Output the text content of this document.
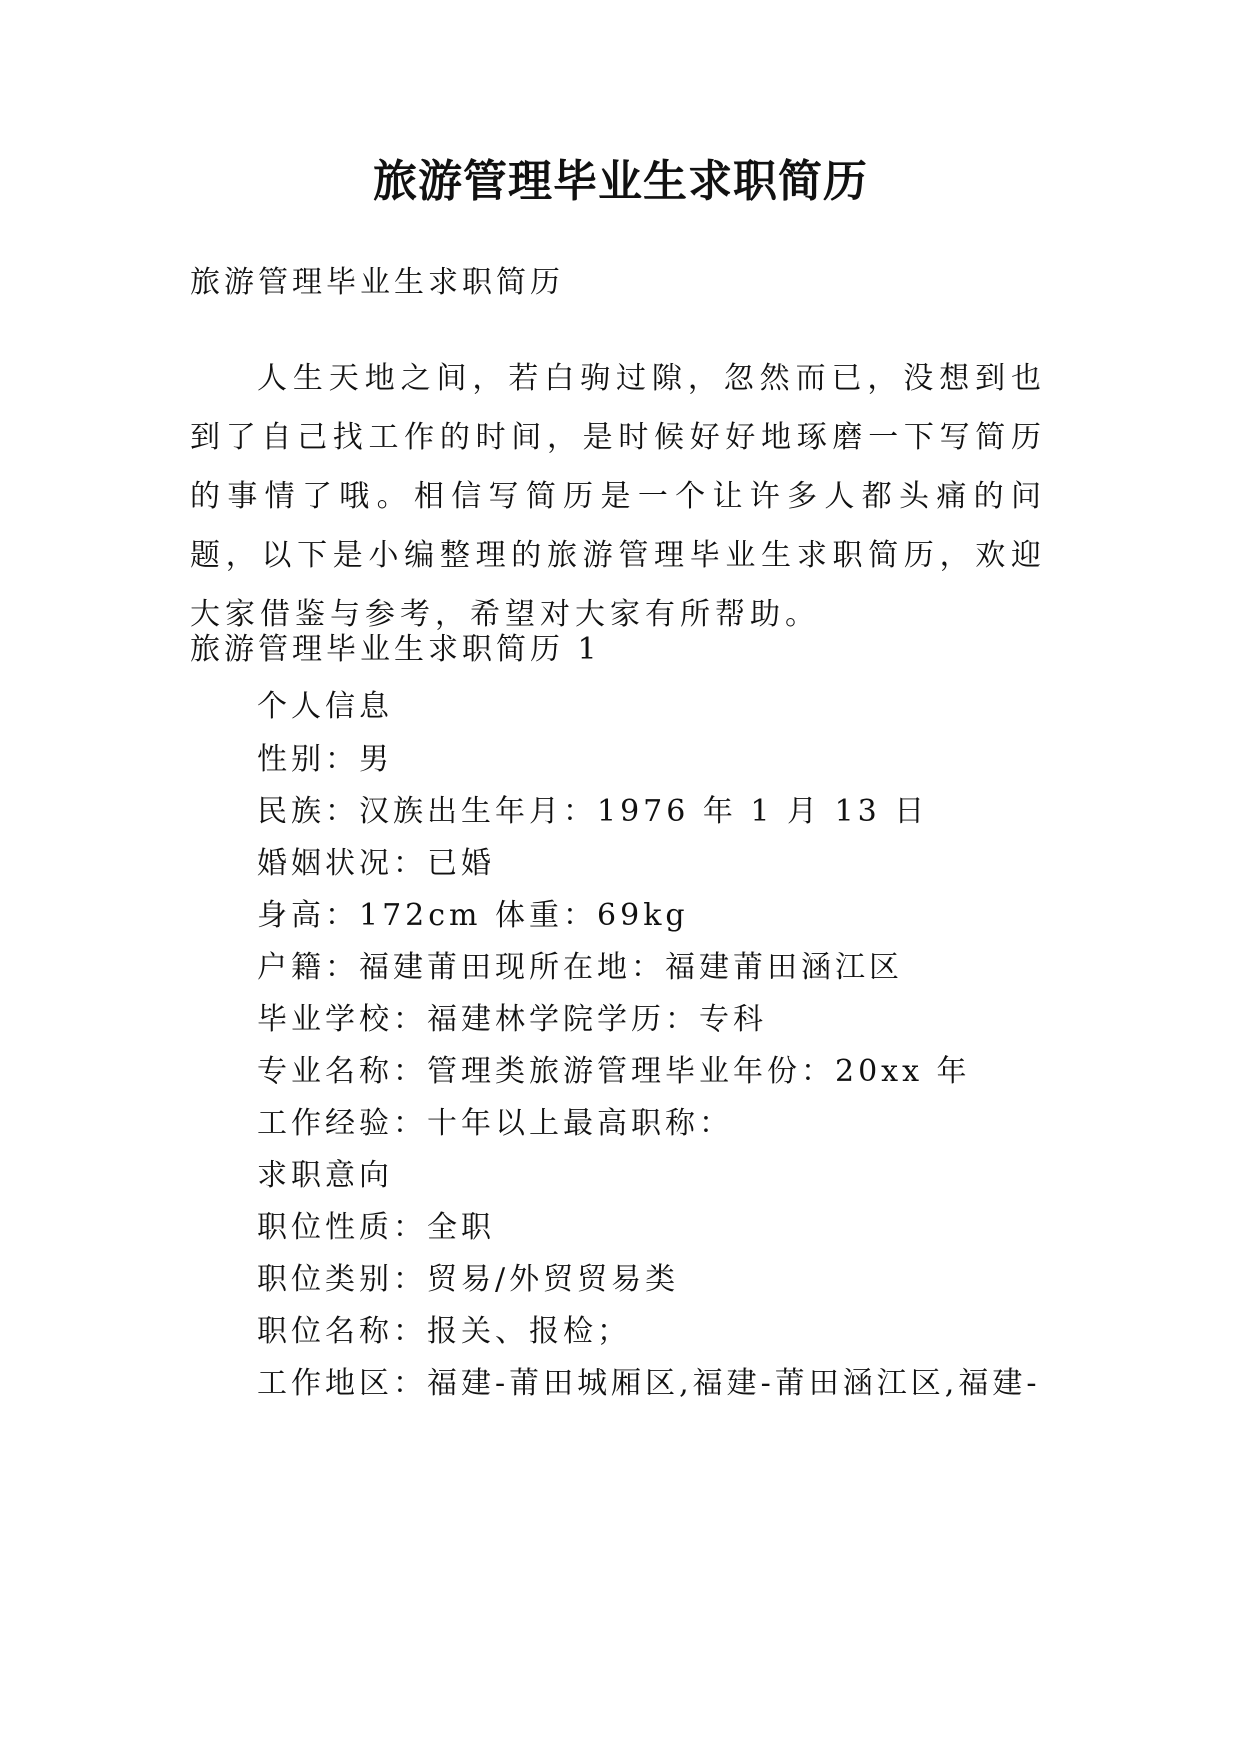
旅游管理毕业生求职简历

旅游管理毕业生求职简历

人生天地之间，若白驹过隙，忽然而已，没想到也到了自己找工作的时间，是时候好好地琢磨一下写简历的事情了哦。相信写简历是一个让许多人都头痛的问题，以下是小编整理的旅游管理毕业生求职简历，欢迎大家借鉴与参考，希望对大家有所帮助。

旅游管理毕业生求职简历 1

个人信息

性别：男

民族：汉族出生年月：1976 年 1 月 13 日

婚姻状况：已婚

身高：172cm 体重：69kg

户籍：福建莆田现所在地：福建莆田涵江区

毕业学校：福建林学院学历：专科

专业名称：管理类旅游管理毕业年份：20xx 年

工作经验：十年以上最高职称：

求职意向

职位性质：全职

职位类别：贸易/外贸贸易类

职位名称：报关、报检；

工作地区：福建-莆田城厢区,福建-莆田涵江区,福建-
